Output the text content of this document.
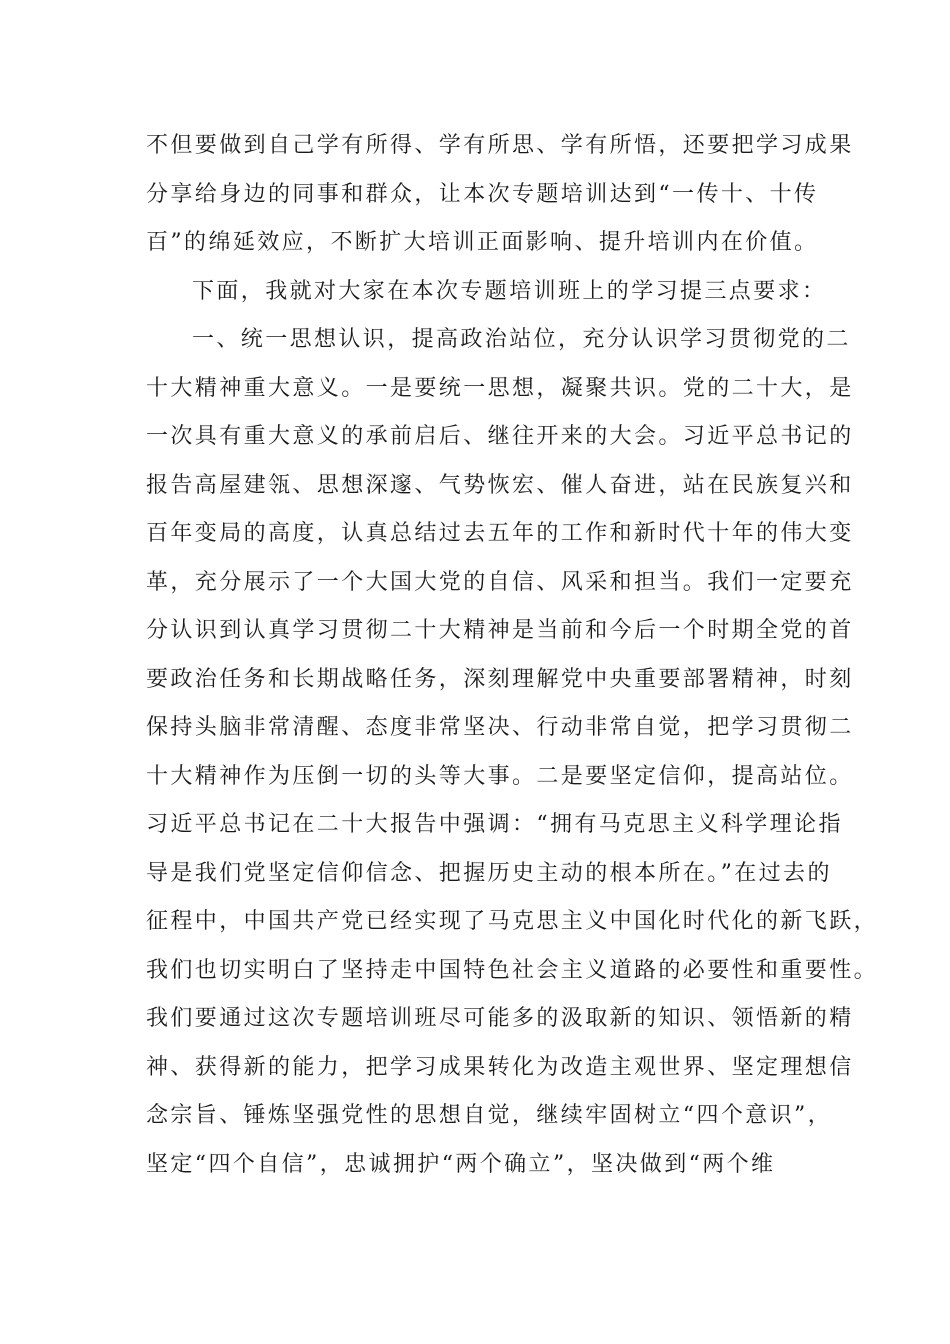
不但要做到自己学有所得、学有所思、学有所悟，还要把学习成果
分享给身边的同事和群众，让本次专题培训达到“一传十、十传
百”的绵延效应，不断扩大培训正面影响、提升培训内在价值。
下面，我就对大家在本次专题培训班上的学习提三点要求：
一、统一思想认识，提高政治站位，充分认识学习贯彻党的二
十大精神重大意义。一是要统一思想，凝聚共识。党的二十大，是
一次具有重大意义的承前启后、继往开来的大会。习近平总书记的
报告高屋建瓴、思想深邃、气势恢宏、催人奋进，站在民族复兴和
百年变局的高度，认真总结过去五年的工作和新时代十年的伟大变
革，充分展示了一个大国大党的自信、风采和担当。我们一定要充
分认识到认真学习贯彻二十大精神是当前和今后一个时期全党的首
要政治任务和长期战略任务，深刻理解党中央重要部署精神，时刻
保持头脑非常清醒、态度非常坚决、行动非常自觉，把学习贯彻二
十大精神作为压倒一切的头等大事。二是要坚定信仰，提高站位。
习近平总书记在二十大报告中强调：“拥有马克思主义科学理论指
导是我们党坚定信仰信念、把握历史主动的根本所在。”在过去的
征程中，中国共产党已经实现了马克思主义中国化时代化的新飞跃，
我们也切实明白了坚持走中国特色社会主义道路的必要性和重要性。
我们要通过这次专题培训班尽可能多的汲取新的知识、领悟新的精
神、获得新的能力，把学习成果转化为改造主观世界、坚定理想信
念宗旨、锤炼坚强党性的思想自觉，继续牢固树立“四个意识”，
坚定“四个自信”，忠诚拥护“两个确立”，坚决做到“两个维
